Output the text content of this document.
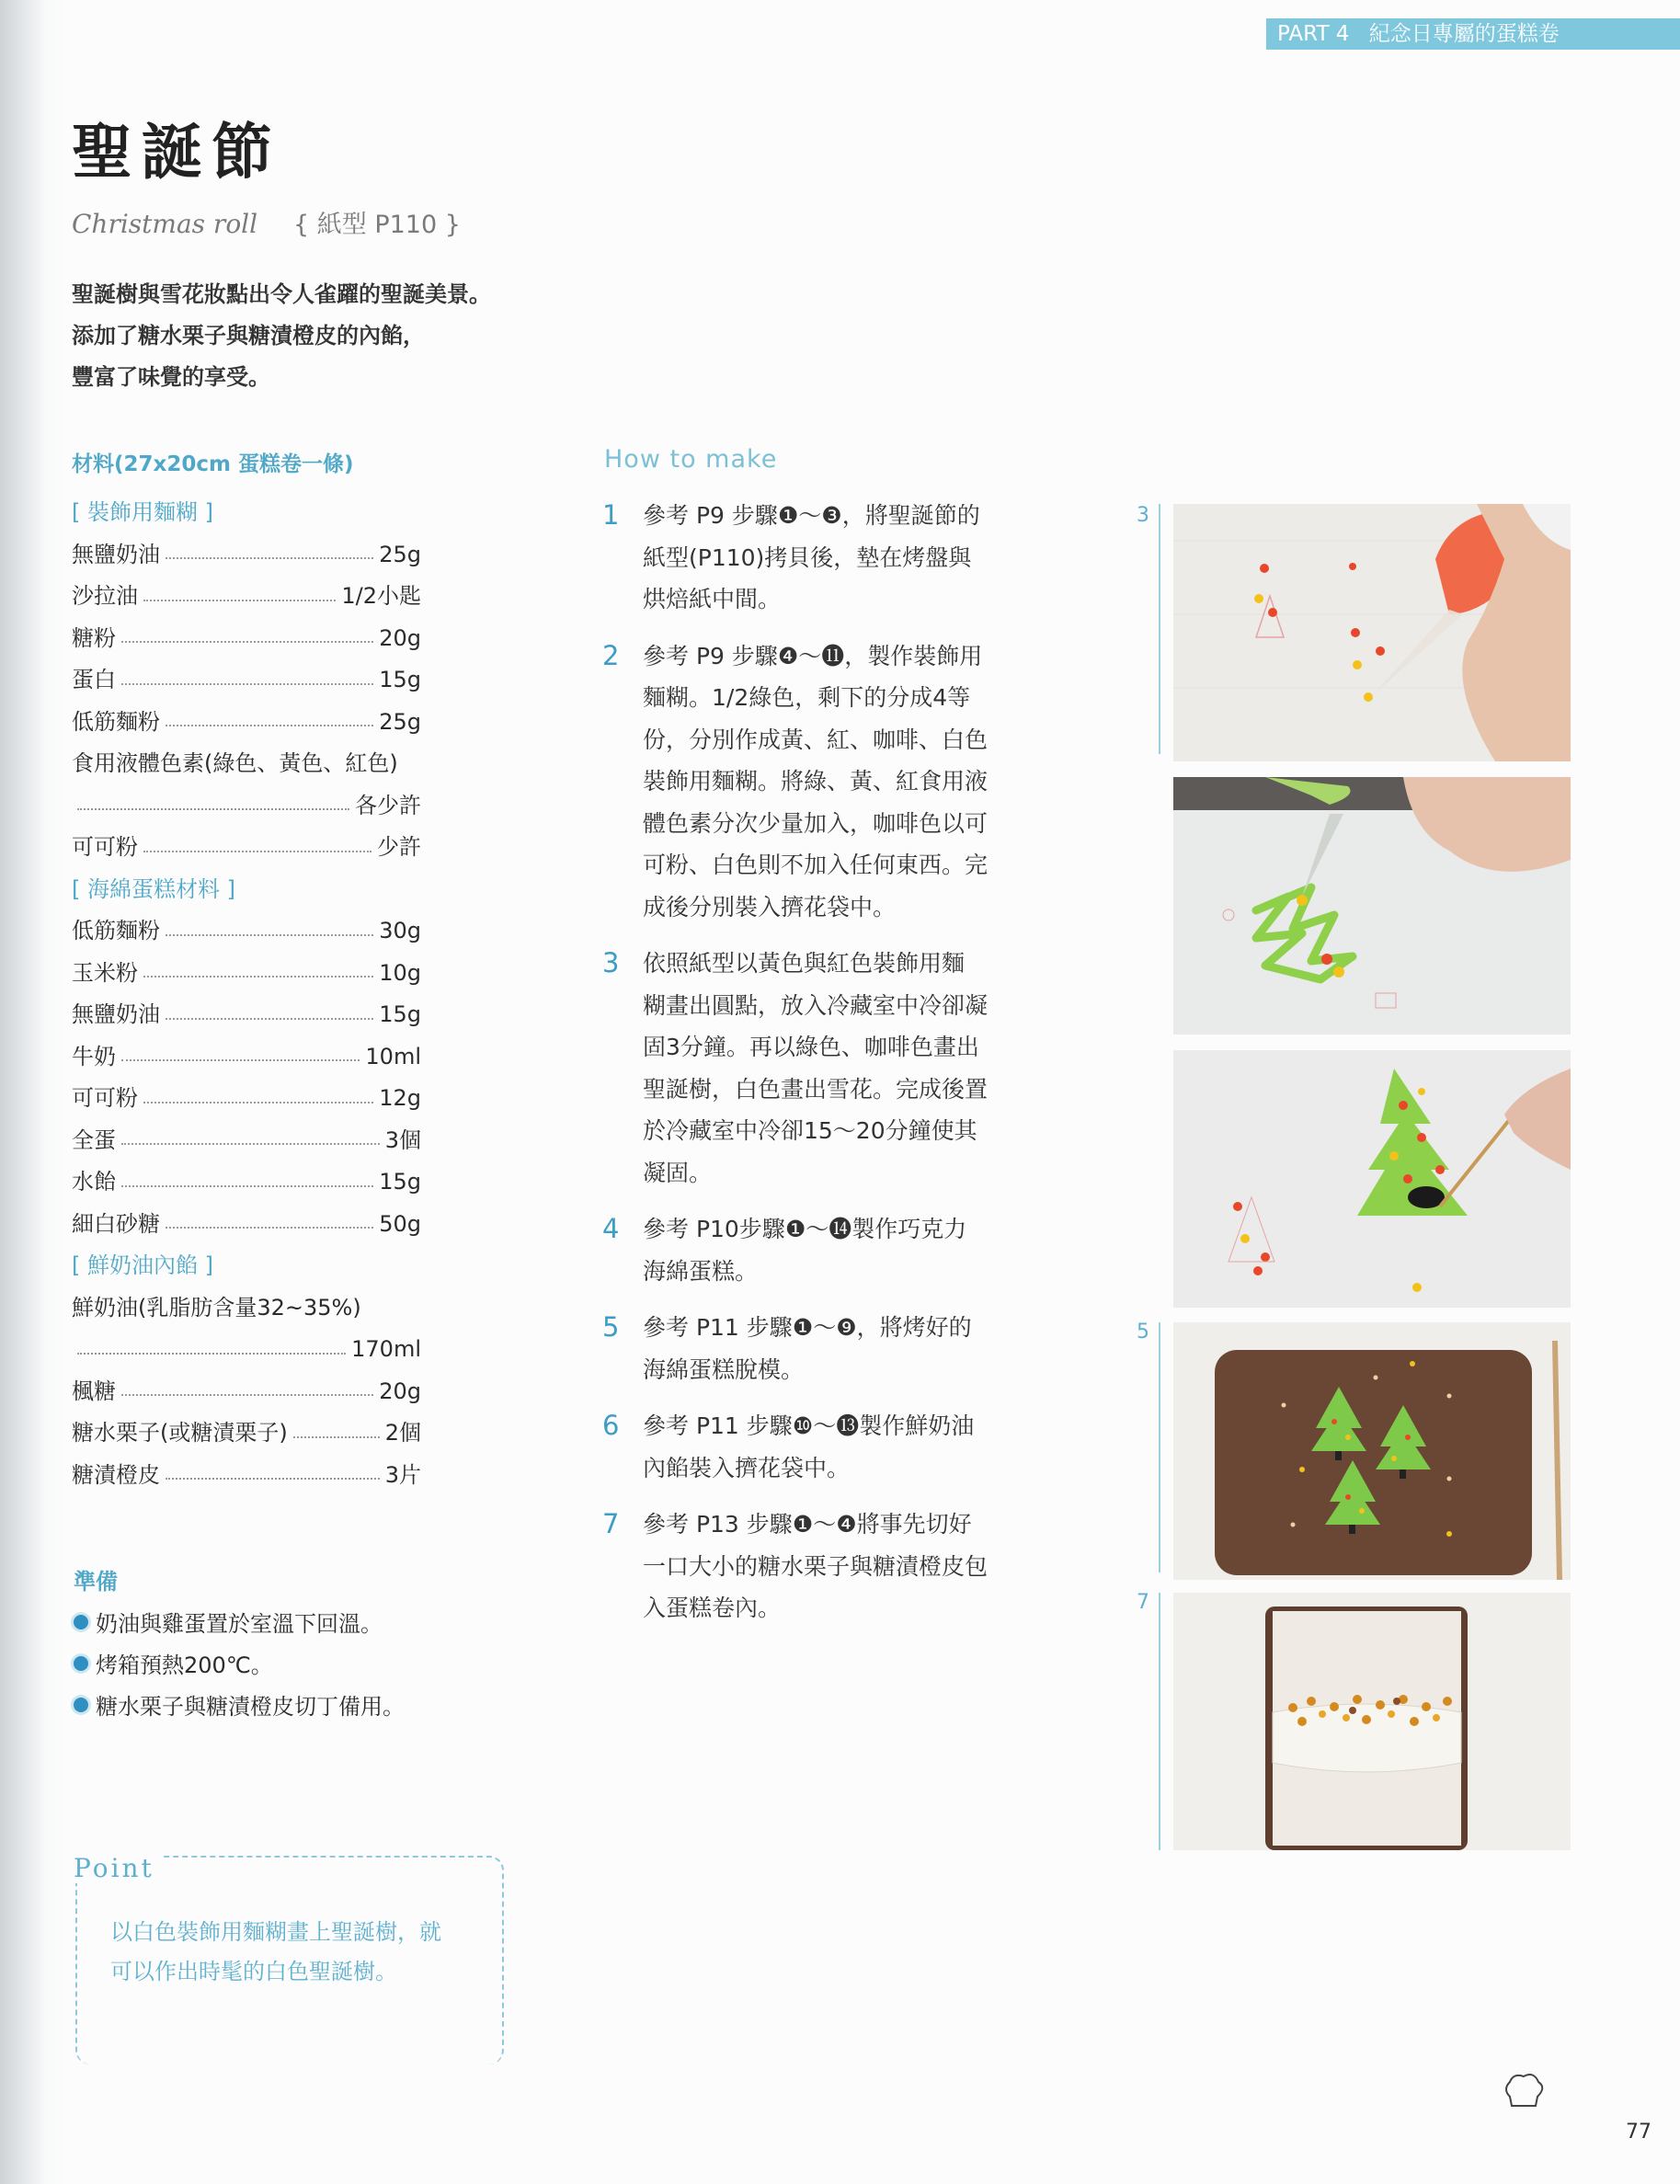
PART 4 紀念日專屬的蛋糕卷
聖誕節
Christmas roll { 紙型 P110 }
聖誕樹與雪花妝點出令人雀躍的聖誕美景。
添加了糖水栗子與糖漬橙皮的內餡，
豐富了味覺的享受。
材料(27x20cm 蛋糕卷一條)
[ 裝飾用麵糊 ]
無鹽奶油	25g
沙拉油	1/2小匙
糖粉	20g
蛋白	15g
低筋麵粉	25g
食用液體色素(綠色、黃色、紅色)
各少許
可可粉	少許
[ 海綿蛋糕材料 ]
低筋麵粉	30g
玉米粉	10g
無鹽奶油	15g
牛奶	10ml
可可粉	12g
全蛋	3個
水飴	15g
細白砂糖	50g
[ 鮮奶油內餡 ]
鮮奶油(乳脂肪含量32~35%)
170ml
楓糖	20g
糖水栗子(或糖漬栗子)	2個
糖漬橙皮	3片
準備
奶油與雞蛋置於室溫下回溫。
烤箱預熱200℃。
糖水栗子與糖漬橙皮切丁備用。
Point
以白色裝飾用麵糊畫上聖誕樹，就
可以作出時髦的白色聖誕樹。
How to make
1	參考 P9 步驟❶～❸，將聖誕節的
紙型(P110)拷貝後，墊在烤盤與
烘焙紙中間。
2	參考 P9 步驟❹～⓫，製作裝飾用
麵糊。1/2綠色，剩下的分成4等
份，分別作成黃、紅、咖啡、白色
裝飾用麵糊。將綠、黃、紅食用液
體色素分次少量加入，咖啡色以可
可粉、白色則不加入任何東西。完
成後分別裝入擠花袋中。
3	依照紙型以黃色與紅色裝飾用麵
糊畫出圓點，放入冷藏室中冷卻凝
固3分鐘。再以綠色、咖啡色畫出
聖誕樹，白色畫出雪花。完成後置
於冷藏室中冷卻15～20分鐘使其
凝固。
4	參考 P10步驟❶～⓮製作巧克力
海綿蛋糕。
5	參考 P11 步驟❶～❾，將烤好的
海綿蛋糕脫模。
6	參考 P11 步驟❿～⓭製作鮮奶油
內餡裝入擠花袋中。
7	參考 P13 步驟❶～❹將事先切好
一口大小的糖水栗子與糖漬橙皮包
入蛋糕卷內。
3
5
7
77
